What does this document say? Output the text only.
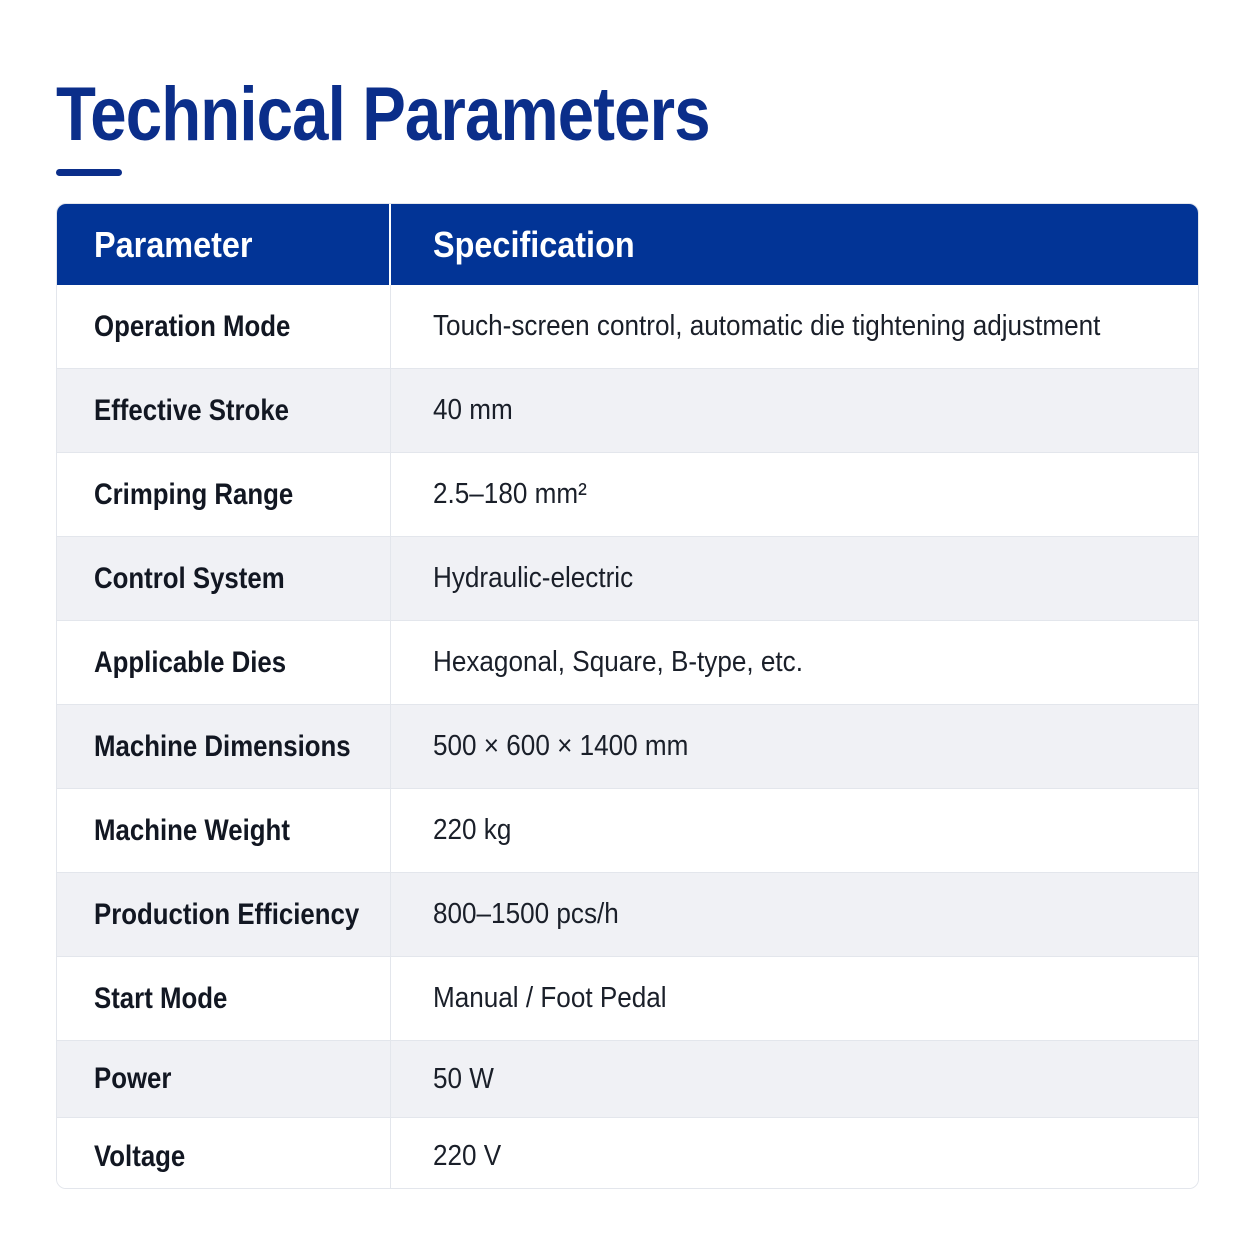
Technical Parameters
Parameter	Specification
Operation Mode	Touch-screen control, automatic die tightening adjustment
Effective Stroke	40 mm
Crimping Range	2.5–180 mm²
Control System	Hydraulic-electric
Applicable Dies	Hexagonal, Square, B-type, etc.
Machine Dimensions	500 × 600 × 1400 mm
Machine Weight	220 kg
Production Efficiency	800–1500 pcs/h
Start Mode	Manual / Foot Pedal
Power	50 W
Voltage	220 V
